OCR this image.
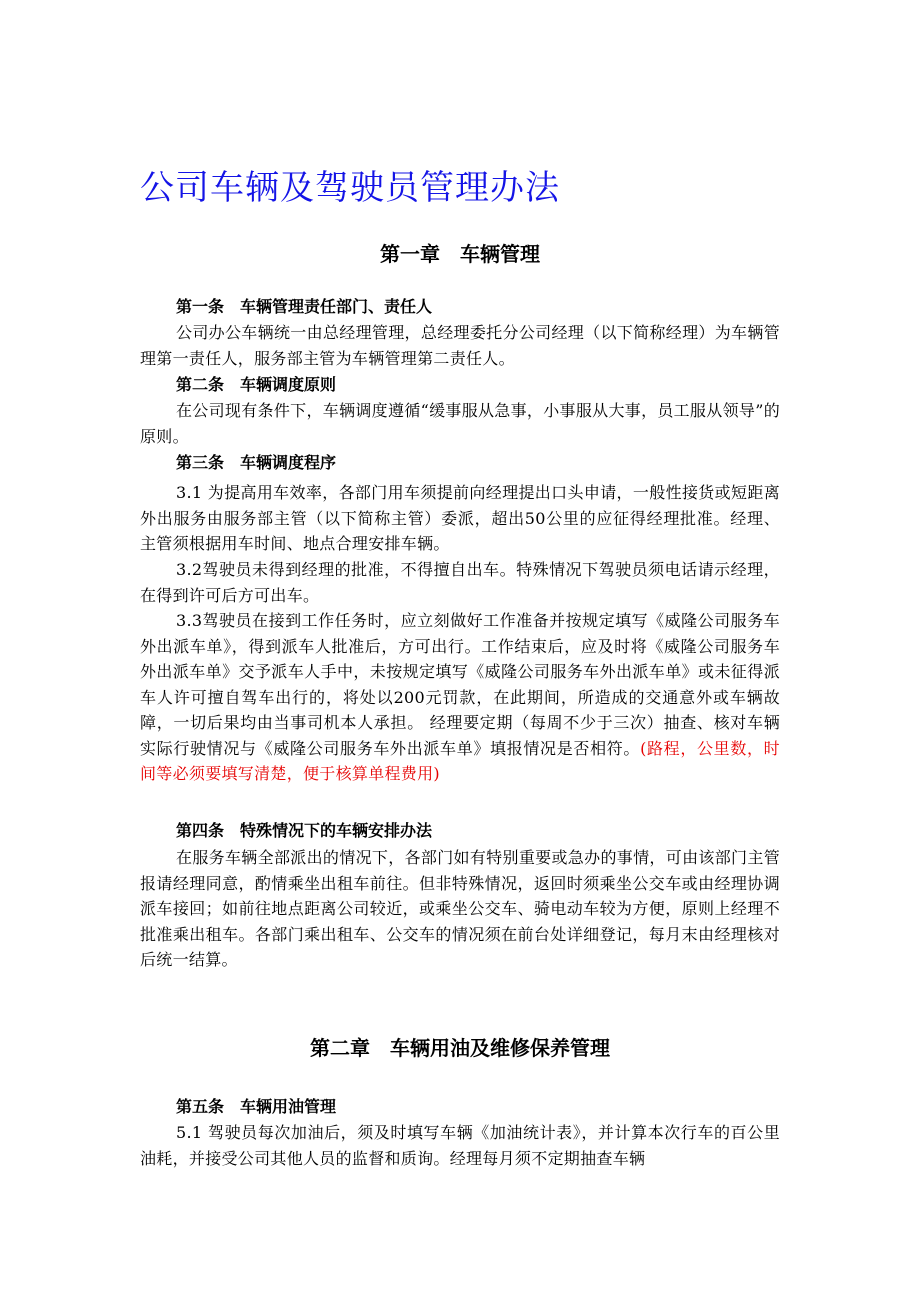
公司车辆及驾驶员管理办法
第一章　车辆管理
第一条　车辆管理责任部门、责任人

公司办公车辆统一由总经理管理，总经理委托分公司经理（以下简称经理）为车辆管理第一责任人，服务部主管为车辆管理第二责任人。

第二条　车辆调度原则

在公司现有条件下，车辆调度遵循“缓事服从急事，小事服从大事，员工服从领导”的原则。

第三条　车辆调度程序

3.1 为提高用车效率，各部门用车须提前向经理提出口头申请，一般性接货或短距离外出服务由服务部主管（以下简称主管）委派，超出50公里的应征得经理批准。经理、主管须根据用车时间、地点合理安排车辆。

3.2驾驶员未得到经理的批准，不得擅自出车。特殊情况下驾驶员须电话请示经理，在得到许可后方可出车。

3.3驾驶员在接到工作任务时，应立刻做好工作准备并按规定填写《威隆公司服务车外出派车单》，得到派车人批准后，方可出行。工作结束后，应及时将《威隆公司服务车外出派车单》交予派车人手中，未按规定填写《威隆公司服务车外出派车单》或未征得派车人许可擅自驾车出行的，将处以200元罚款，在此期间，所造成的交通意外或车辆故障，一切后果均由当事司机本人承担。 经理要定期（每周不少于三次）抽查、核对车辆实际行驶情况与《威隆公司服务车外出派车单》填报情况是否相符。(路程，公里数，时间等必须要填写清楚，便于核算单程费用)

第四条　特殊情况下的车辆安排办法

在服务车辆全部派出的情况下，各部门如有特别重要或急办的事情，可由该部门主管报请经理同意，酌情乘坐出租车前往。但非特殊情况，返回时须乘坐公交车或由经理协调派车接回；如前往地点距离公司较近，或乘坐公交车、骑电动车较为方便，原则上经理不批准乘出租车。各部门乘出租车、公交车的情况须在前台处详细登记，每月末由经理核对后统一结算。

第二章　车辆用油及维修保养管理
第五条　车辆用油管理

5.1 驾驶员每次加油后，须及时填写车辆《加油统计表》，并计算本次行车的百公里油耗，并接受公司其他人员的监督和质询。经理每月须不定期抽查车辆
